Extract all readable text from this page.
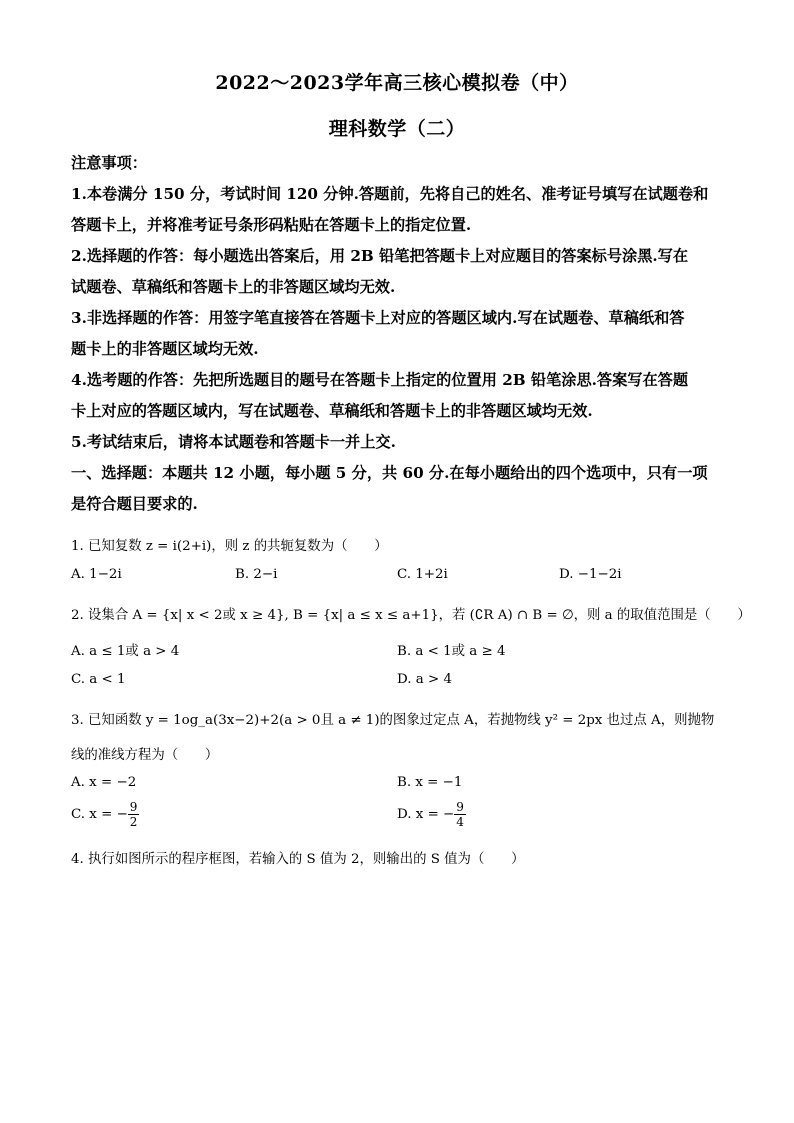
2022～2023学年高三核心模拟卷（中）
理科数学（二）
注意事项：
1.本卷满分 150 分，考试时间 120 分钟.答题前，先将自己的姓名、准考证号填写在试题卷和
答题卡上，并将准考证号条形码粘贴在答题卡上的指定位置.
2.选择题的作答：每小题选出答案后，用 2B 铅笔把答题卡上对应题目的答案标号涂黑.写在
试题卷、草稿纸和答题卡上的非答题区域均无效.
3.非选择题的作答：用签字笔直接答在答题卡上对应的答题区域内.写在试题卷、草稿纸和答
题卡上的非答题区域均无效.
4.选考题的作答：先把所选题目的题号在答题卡上指定的位置用 2B 铅笔涂思.答案写在答题
卡上对应的答题区域内，写在试题卷、草稿纸和答题卡上的非答题区域均无效.
5.考试结束后，请将本试题卷和答题卡一并上交.
一、选择题：本题共 12 小题，每小题 5 分，共 60 分.在每小题给出的四个选项中，只有一项
是符合题目要求的.
1. 已知复数 z = i(2+i)，则 z 的共轭复数为（　　）
A. 1−2i	B. 2−i	C. 1+2i	D. −1−2i
2. 设集合 A = {x| x < 2或 x ≥ 4}, B = {x| a ≤ x ≤ a+1}，若 (∁R A) ∩ B = ∅，则 a 的取值范围是（　　）
A. a ≤ 1或 a > 4	B. a < 1或 a ≥ 4
C. a < 1	D. a > 4
3. 已知函数 y = 1og_a(3x−2)+2(a > 0且 a ≠ 1)的图象过定点 A，若抛物线 y² = 2px 也过点 A，则抛物
线的准线方程为（　　）
A. x = −2	B. x = −1
C. x = − $\frac{9}{2}$	D. x = − $\frac{9}{4}$
4. 执行如图所示的程序框图，若输入的 S 值为 2，则输出的 S 值为（　　）
